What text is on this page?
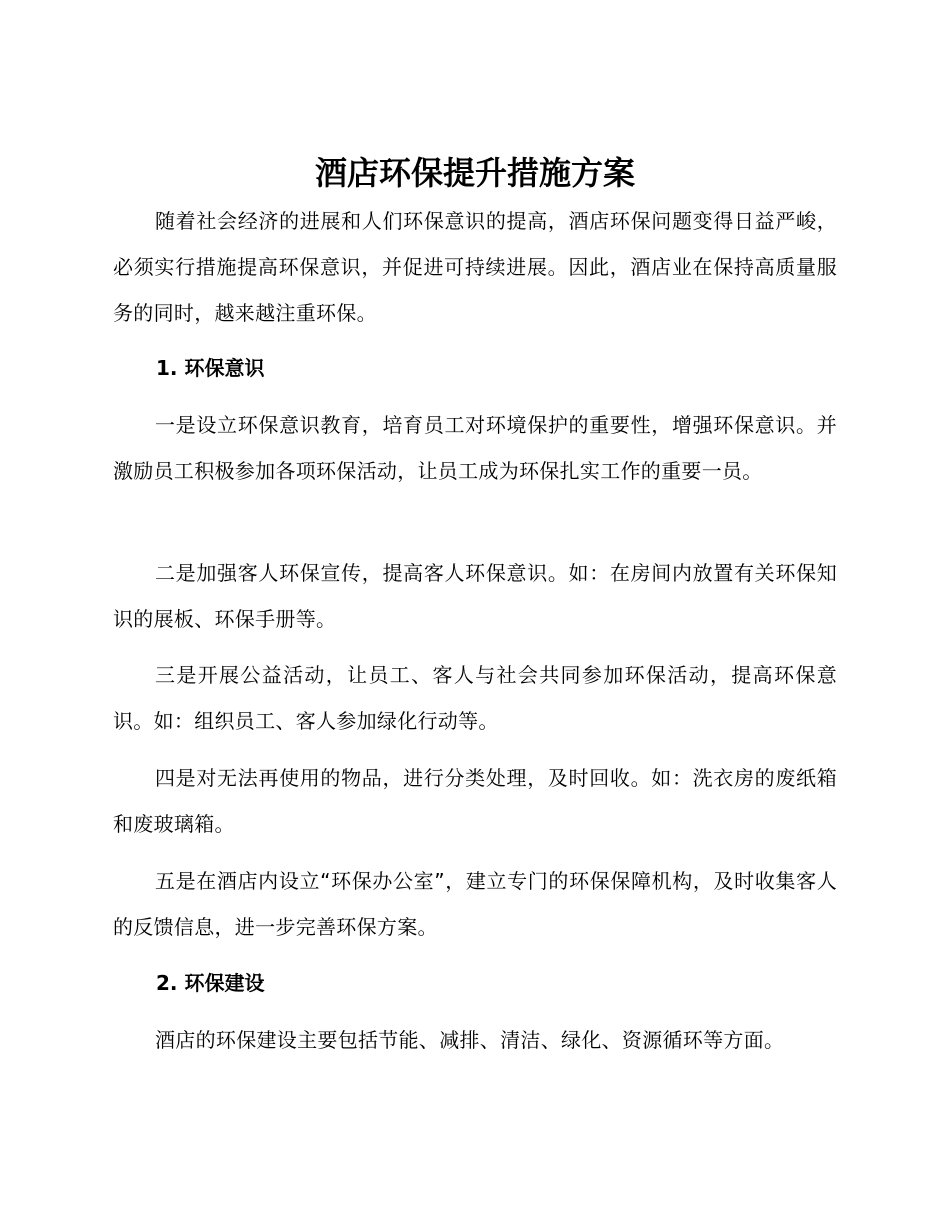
酒店环保提升措施方案

随着社会经济的进展和人们环保意识的提高，酒店环保问题变得日益严峻，必须实行措施提高环保意识，并促进可持续进展。因此，酒店业在保持高质量服务的同时，越来越注重环保。

1. 环保意识

一是设立环保意识教育，培育员工对环境保护的重要性，增强环保意识。并激励员工积极参加各项环保活动，让员工成为环保扎实工作的重要一员。

二是加强客人环保宣传，提高客人环保意识。如：在房间内放置有关环保知识的展板、环保手册等。

三是开展公益活动，让员工、客人与社会共同参加环保活动，提高环保意识。如：组织员工、客人参加绿化行动等。

四是对无法再使用的物品，进行分类处理，及时回收。如：洗衣房的废纸箱和废玻璃箱。

五是在酒店内设立“环保办公室”，建立专门的环保保障机构，及时收集客人的反馈信息，进一步完善环保方案。

2. 环保建设

酒店的环保建设主要包括节能、减排、清洁、绿化、资源循环等方面。
